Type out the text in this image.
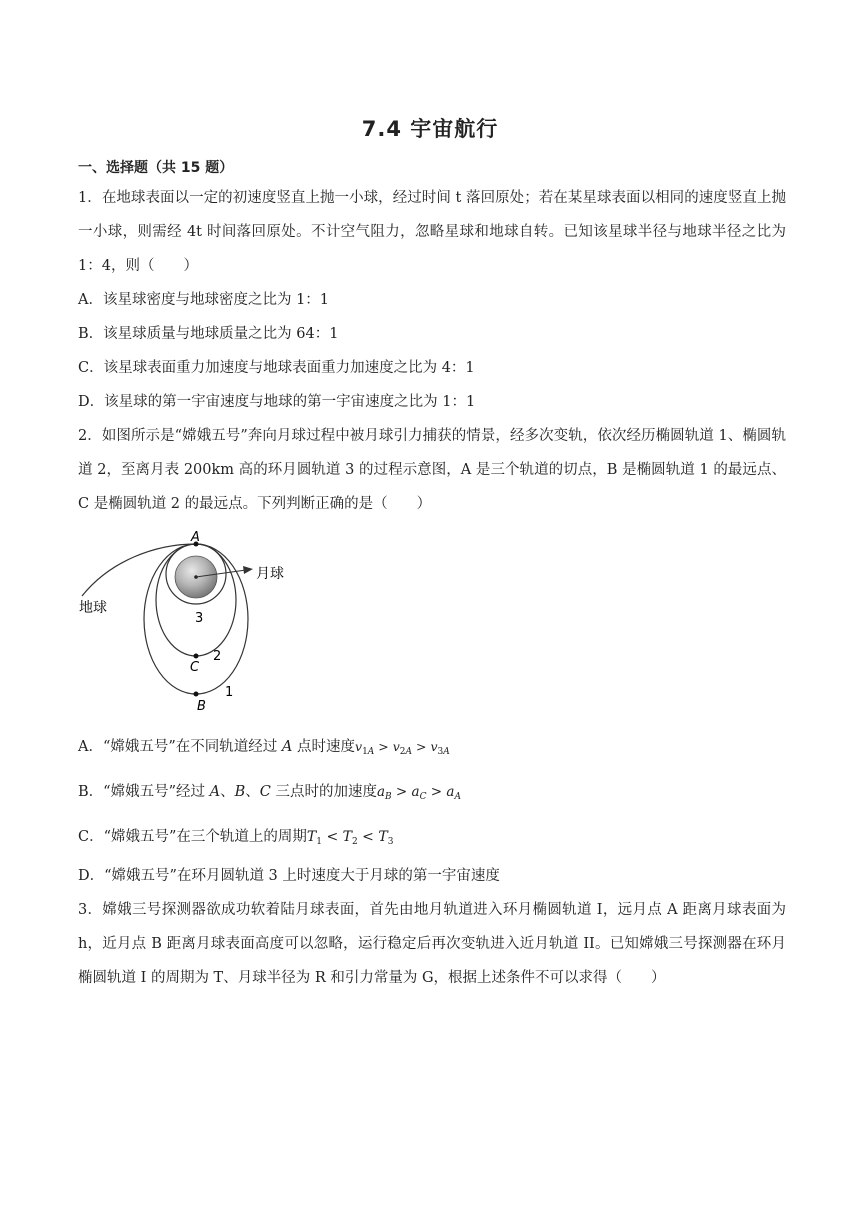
7.4 宇宙航行
一、选择题（共 15 题）
1．在地球表面以一定的初速度竖直上抛一小球，经过时间 t 落回原处；若在某星球表面以相同的速度竖直上抛一小球，则需经 4t 时间落回原处。不计空气阻力，忽略星球和地球自转。已知该星球半径与地球半径之比为 1：4，则（　　）
A．该星球密度与地球密度之比为 1：1
B．该星球质量与地球质量之比为 64：1
C．该星球表面重力加速度与地球表面重力加速度之比为 4：1
D．该星球的第一宇宙速度与地球的第一宇宙速度之比为 1：1
2．如图所示是“嫦娥五号”奔向月球过程中被月球引力捕获的情景，经多次变轨，依次经历椭圆轨道 1、椭圆轨道 2，至离月表 200km 高的环月圆轨道 3 的过程示意图，A 是三个轨道的切点，B 是椭圆轨道 1 的最远点、C 是椭圆轨道 2 的最远点。下列判断正确的是（　　）
A
C
B
3
2
1
地球
月球
A．“嫦娥五号”在不同轨道经过 A 点时速度$v_{1A} > v_{2A} > v_{3A}$
B．“嫦娥五号”经过 A、B、C 三点时的加速度$a_B > a_C > a_A$
C．“嫦娥五号”在三个轨道上的周期$T_1 < T_2 < T_3$
D．“嫦娥五号”在环月圆轨道 3 上时速度大于月球的第一宇宙速度
3．嫦娥三号探测器欲成功软着陆月球表面，首先由地月轨道进入环月椭圆轨道 I，远月点 A 距离月球表面为 h，近月点 B 距离月球表面高度可以忽略，运行稳定后再次变轨进入近月轨道 II。已知嫦娥三号探测器在环月椭圆轨道 I 的周期为 T、月球半径为 R 和引力常量为 G，根据上述条件不可以求得（　　）
